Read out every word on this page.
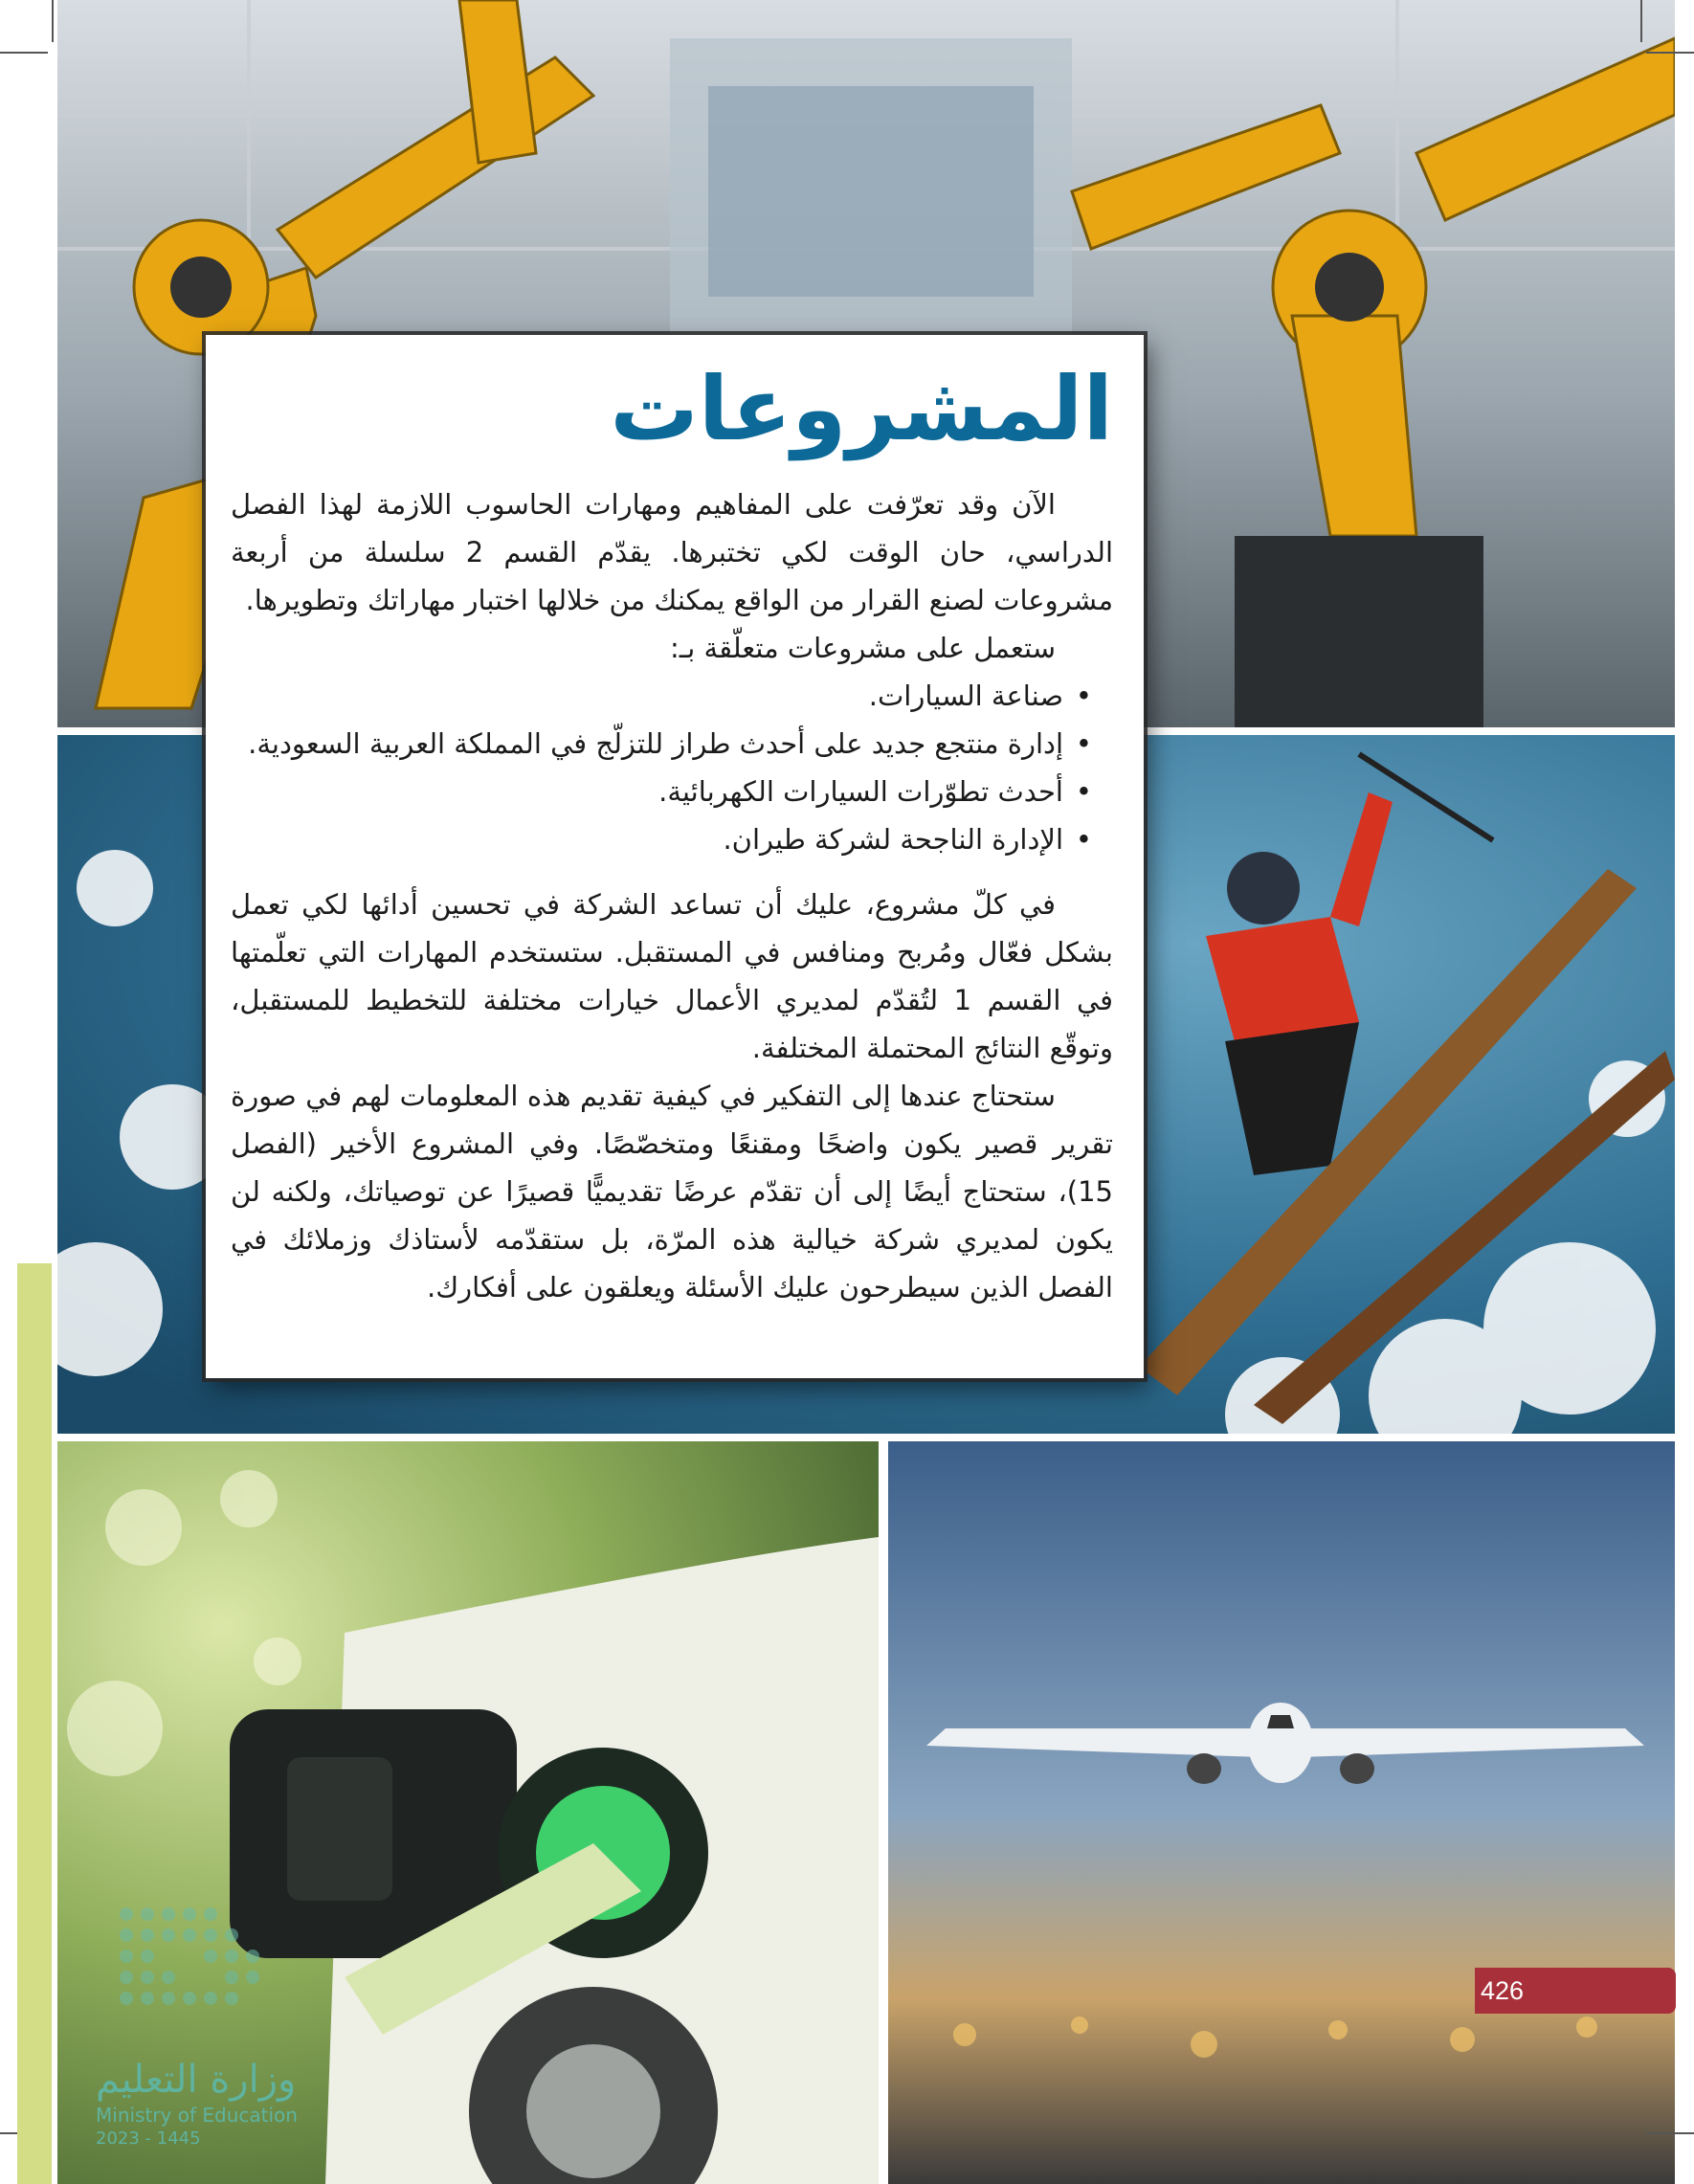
المشروعات

الآن وقد تعرّفت على المفاهيم ومهارات الحاسوب اللازمة لهذا الفصل الدراسي، حان الوقت لكي تختبرها. يقدّم القسم 2 سلسلة من أربعة مشروعات لصنع القرار من الواقع يمكنك من خلالها اختبار مهاراتك وتطويرها.

ستعمل على مشروعات متعلّقة بـ:

• صناعة السيارات.
• إدارة منتجع جديد على أحدث طراز للتزلّج في المملكة العربية السعودية.
• أحدث تطوّرات السيارات الكهربائية.
• الإدارة الناجحة لشركة طيران.

في كلّ مشروع، عليك أن تساعد الشركة في تحسين أدائها لكي تعمل بشكل فعّال ومُربح ومنافس في المستقبل. ستستخدم المهارات التي تعلّمتها في القسم 1 لتُقدّم لمديري الأعمال خيارات مختلفة للتخطيط للمستقبل، وتوقّع النتائج المحتملة المختلفة.

ستحتاج عندها إلى التفكير في كيفية تقديم هذه المعلومات لهم في صورة تقرير قصير يكون واضحًا ومقنعًا ومتخصّصًا. وفي المشروع الأخير (الفصل 15)، ستحتاج أيضًا إلى أن تقدّم عرضًا تقديميًّا قصيرًا عن توصياتك، ولكنه لن يكون لمديري شركة خيالية هذه المرّة، بل ستقدّمه لأستاذك وزملائك في الفصل الذين سيطرحون عليك الأسئلة ويعلقون على أفكارك.

وزارة التعليم
Ministry of Education
2023 - 1445
426
